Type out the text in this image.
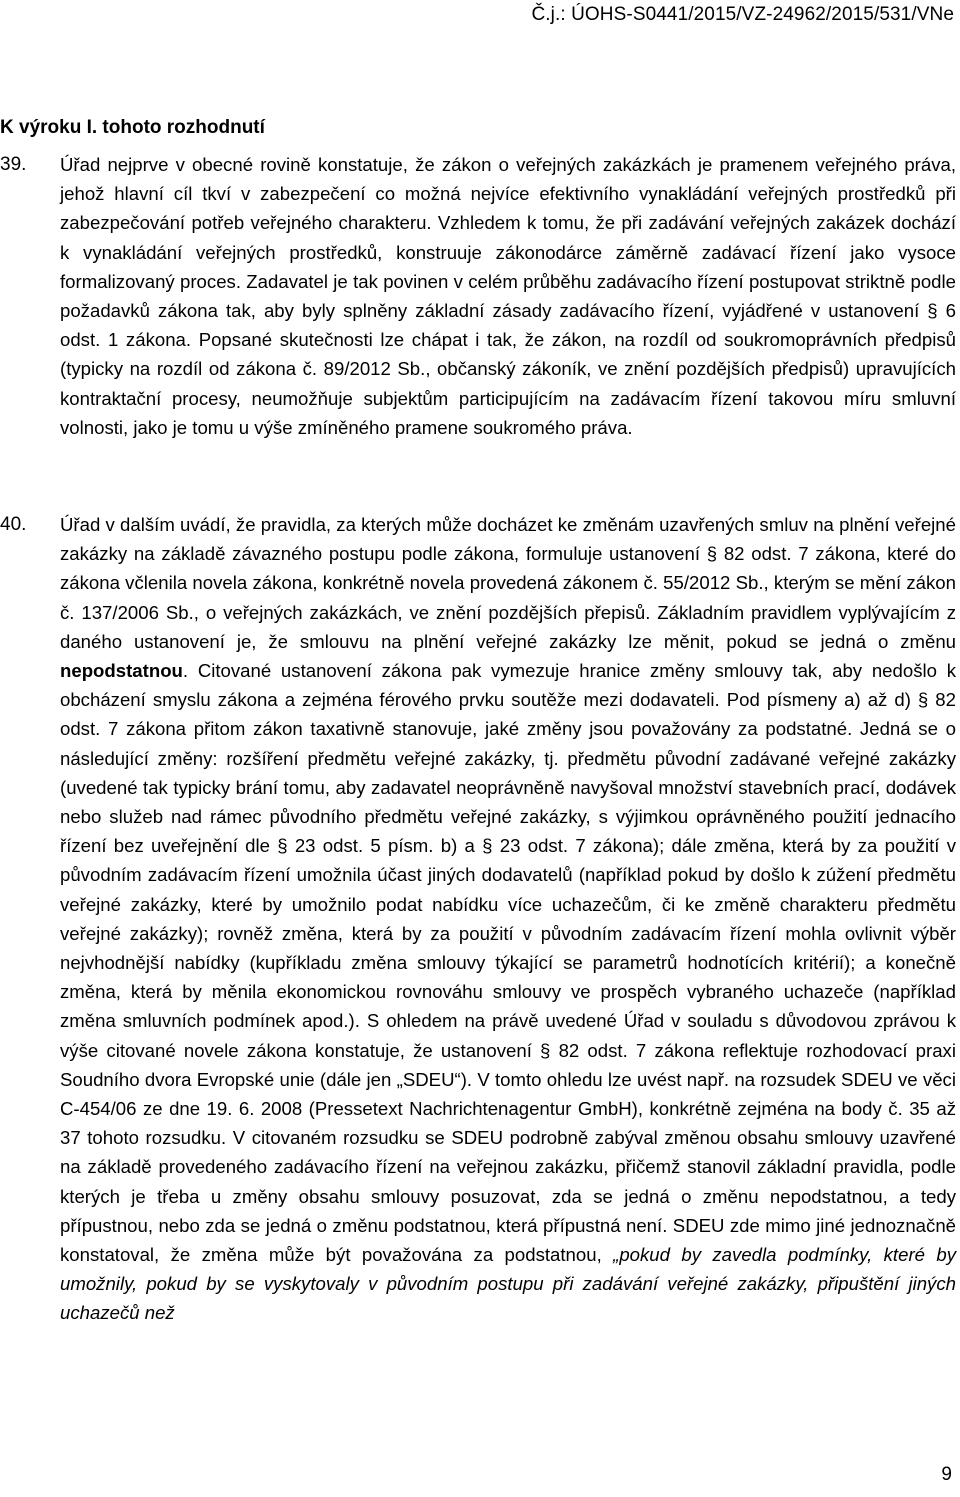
Č.j.: ÚOHS-S0441/2015/VZ-24962/2015/531/VNe
K výroku I. tohoto rozhodnutí
39. Úřad nejprve v obecné rovině konstatuje, že zákon o veřejných zakázkách je pramenem veřejného práva, jehož hlavní cíl tkví v zabezpečení co možná nejvíce efektivního vynakládání veřejných prostředků při zabezpečování potřeb veřejného charakteru. Vzhledem k tomu, že při zadávání veřejných zakázek dochází k vynakládání veřejných prostředků, konstruuje zákonodárce záměrně zadávací řízení jako vysoce formalizovaný proces. Zadavatel je tak povinen v celém průběhu zadávacího řízení postupovat striktně podle požadavků zákona tak, aby byly splněny základní zásady zadávacího řízení, vyjádřené v ustanovení § 6 odst. 1 zákona. Popsané skutečnosti lze chápat i tak, že zákon, na rozdíl od soukromoprávních předpisů (typicky na rozdíl od zákona č. 89/2012 Sb., občanský zákoník, ve znění pozdějších předpisů) upravujících kontraktační procesy, neumožňuje subjektům participujícím na zadávacím řízení takovou míru smluvní volnosti, jako je tomu u výše zmíněného pramene soukromého práva.
40. Úřad v dalším uvádí, že pravidla, za kterých může docházet ke změnám uzavřených smluv na plnění veřejné zakázky na základě závazného postupu podle zákona, formuluje ustanovení § 82 odst. 7 zákona, které do zákona včlenila novela zákona, konkrétně novela provedená zákonem č. 55/2012 Sb., kterým se mění zákon č. 137/2006 Sb., o veřejných zakázkách, ve znění pozdějších přepisů. Základním pravidlem vyplývajícím z daného ustanovení je, že smlouvu na plnění veřejné zakázky lze měnit, pokud se jedná o změnu nepodstatnou. Citované ustanovení zákona pak vymezuje hranice změny smlouvy tak, aby nedošlo k obcházení smyslu zákona a zejména férového prvku soutěže mezi dodavateli. Pod písmeny a) až d) § 82 odst. 7 zákona přitom zákon taxativně stanovuje, jaké změny jsou považovány za podstatné. Jedná se o následující změny: rozšíření předmětu veřejné zakázky, tj. předmětu původní zadávané veřejné zakázky (uvedené tak typicky brání tomu, aby zadavatel neoprávněně navyšoval množství stavebních prací, dodávek nebo služeb nad rámec původního předmětu veřejné zakázky, s výjimkou oprávněného použití jednacího řízení bez uveřejnění dle § 23 odst. 5 písm. b) a § 23 odst. 7 zákona); dále změna, která by za použití v původním zadávacím řízení umožnila účast jiných dodavatelů (například pokud by došlo k zúžení předmětu veřejné zakázky, které by umožnilo podat nabídku více uchazečům, či ke změně charakteru předmětu veřejné zakázky); rovněž změna, která by za použití v původním zadávacím řízení mohla ovlivnit výběr nejvhodnější nabídky (kupříkladu změna smlouvy týkající se parametrů hodnotících kritérií); a konečně změna, která by měnila ekonomickou rovnováhu smlouvy ve prospěch vybraného uchazeče (například změna smluvních podmínek apod.). S ohledem na právě uvedené Úřad v souladu s důvodovou zprávou k výše citované novele zákona konstatuje, že ustanovení § 82 odst. 7 zákona reflektuje rozhodovací praxi Soudního dvora Evropské unie (dále jen „SDEU“). V tomto ohledu lze uvést např. na rozsudek SDEU ve věci C-454/06 ze dne 19. 6. 2008 (Pressetext Nachrichtenagentur GmbH), konkrétně zejména na body č. 35 až 37 tohoto rozsudku. V citovaném rozsudku se SDEU podrobně zabýval změnou obsahu smlouvy uzavřené na základě provedeného zadávacího řízení na veřejnou zakázku, přičemž stanovil základní pravidla, podle kterých je třeba u změny obsahu smlouvy posuzovat, zda se jedná o změnu nepodstatnou, a tedy přípustnou, nebo zda se jedná o změnu podstatnou, která přípustná není. SDEU zde mimo jiné jednoznačně konstatoval, že změna může být považována za podstatnou, „pokud by zavedla podmínky, které by umožnily, pokud by se vyskytovaly v původním postupu při zadávání veřejné zakázky, připuštění jiných uchazečů než
9
